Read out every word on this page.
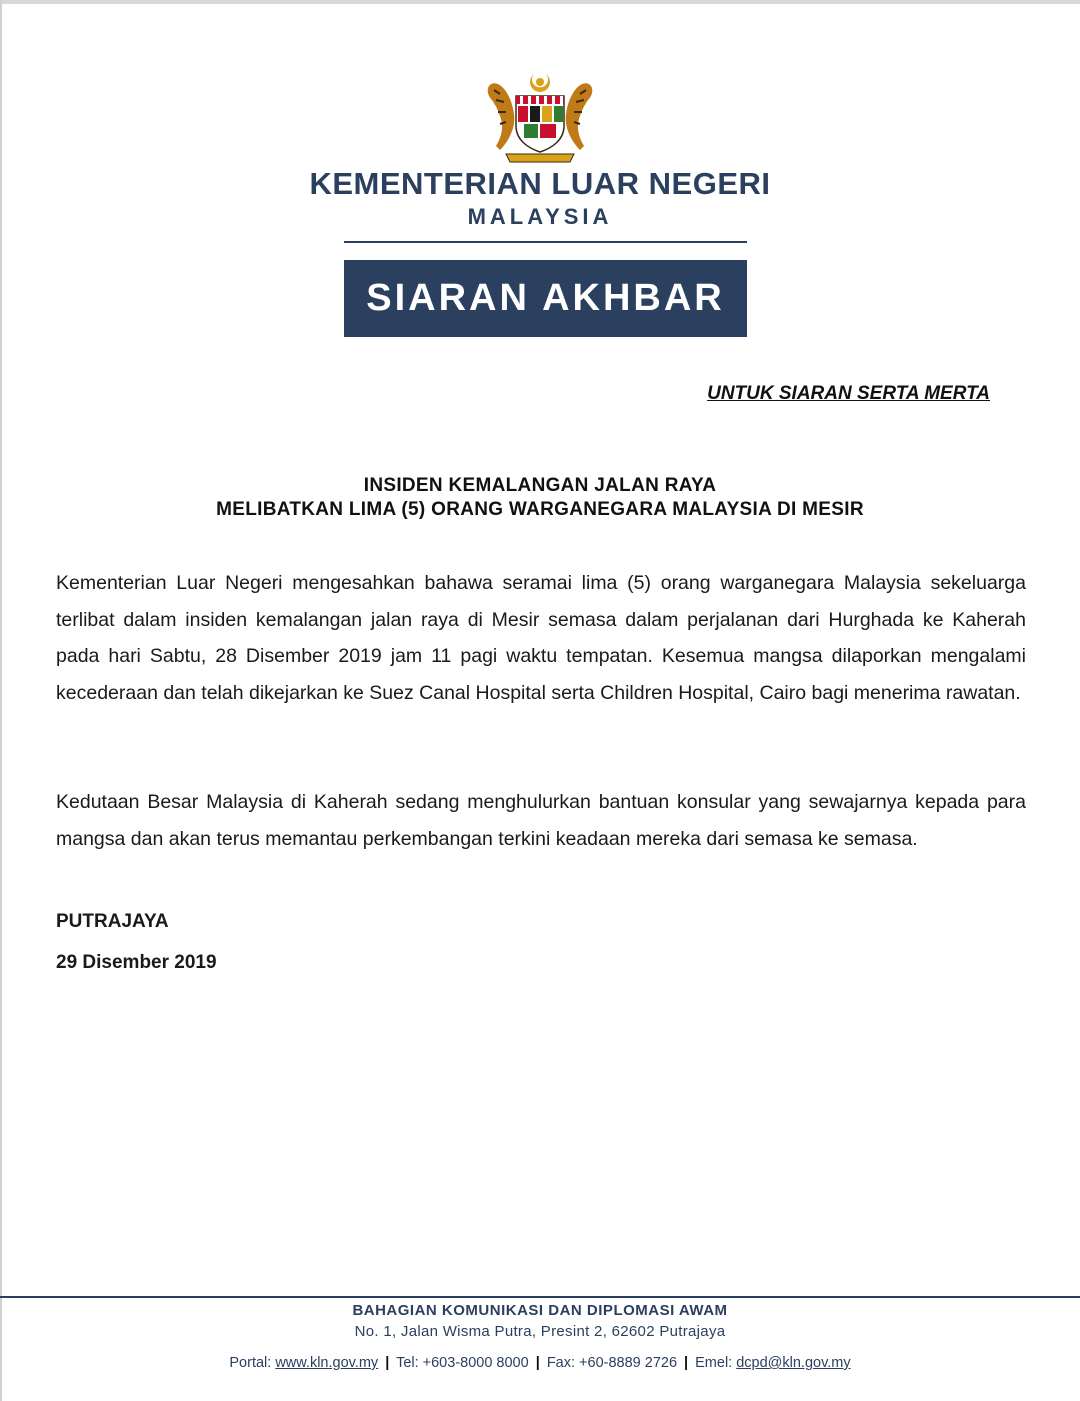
KEMENTERIAN LUAR NEGERI
MALAYSIA
SIARAN AKHBAR
UNTUK SIARAN SERTA MERTA
INSIDEN KEMALANGAN JALAN RAYA
MELIBATKAN LIMA (5) ORANG WARGANEGARA MALAYSIA DI MESIR
Kementerian Luar Negeri mengesahkan bahawa seramai lima (5) orang warganegara Malaysia sekeluarga terlibat dalam insiden kemalangan jalan raya di Mesir semasa dalam perjalanan dari Hurghada ke Kaherah pada hari Sabtu, 28 Disember 2019 jam 11 pagi waktu tempatan. Kesemua mangsa dilaporkan mengalami kecederaan dan telah dikejarkan ke Suez Canal Hospital serta Children Hospital, Cairo bagi menerima rawatan.
Kedutaan Besar Malaysia di Kaherah sedang menghulurkan bantuan konsular yang sewajarnya kepada para mangsa dan akan terus memantau perkembangan terkini keadaan mereka dari semasa ke semasa.
PUTRAJAYA
29 Disember 2019
BAHAGIAN KOMUNIKASI DAN DIPLOMASI AWAM
No. 1, Jalan Wisma Putra, Presint 2, 62602 Putrajaya
Portal: www.kln.gov.my | Tel: +603-8000 8000 | Fax: +60-8889 2726 | Emel: dcpd@kln.gov.my
